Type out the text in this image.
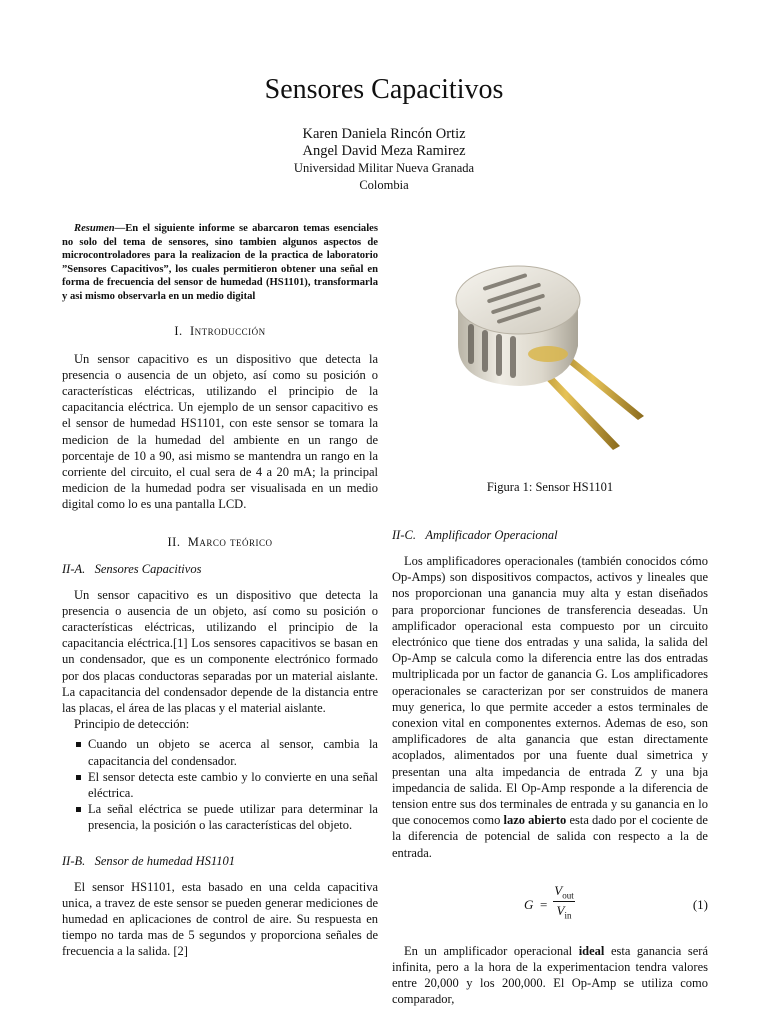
Sensores Capacitivos
Karen Daniela Rincón Ortiz
Angel David Meza Ramirez
Universidad Militar Nueva Granada
Colombia

Resumen—En el siguiente informe se abarcaron temas esenciales no solo del tema de sensores, sino tambien algunos aspectos de microcontroladores para la realizacion de la practica de laboratorio ”Sensores Capacitivos”, los cuales permitieron obtener una señal en forma de frecuencia del sensor de humedad (HS1101), transformarla y asi mismo observarla en un medio digital

I. Introducción

Un sensor capacitivo es un dispositivo que detecta la presencia o ausencia de un objeto, así como su posición o características eléctricas, utilizando el principio de la capacitancia eléctrica. Un ejemplo de un sensor capacitivo es el sensor de humedad HS1101, con este sensor se tomara la medicion de la humedad del ambiente en un rango de porcentaje de 10 a 90, asi mismo se mantendra un rango en la corriente del circuito, el cual sera de 4 a 20 mA; la principal medicion de la humedad podra ser visualisada en un medio digital como lo es una pantalla LCD.

II. Marco teórico
II-A. Sensores Capacitivos

Un sensor capacitivo es un dispositivo que detecta la presencia o ausencia de un objeto, así como su posición o características eléctricas, utilizando el principio de la capacitancia eléctrica.[1] Los sensores capacitivos se basan en un condensador, que es un componente electrónico formado por dos placas conductoras separadas por un material aislante. La capacitancia del condensador depende de la distancia entre las placas, el área de las placas y el material aislante.

Principio de detección:

Cuando un objeto se acerca al sensor, cambia la capacitancia del condensador.
El sensor detecta este cambio y lo convierte en una señal eléctrica.
La señal eléctrica se puede utilizar para determinar la presencia, la posición o las características del objeto.
II-B. Sensor de humedad HS1101

El sensor HS1101, esta basado en una celda capacitiva unica, a travez de este sensor se pueden generar mediciones de humedad en aplicaciones de control de aire. Su respuesta en tiempo no tarda mas de 5 segundos y proporciona señales de frecuencia a la salida. [2]

Figura 1: Sensor HS1101
II-C. Amplificador Operacional

Los amplificadores operacionales (también conocidos cómo Op-Amps) son dispositivos compactos, activos y lineales que nos proporcionan una ganancia muy alta y estan diseñados para proporcionar funciones de transferencia deseadas. Un amplificador operacional esta compuesto por un circuito electrónico que tiene dos entradas y una salida, la salida del Op-Amp se calcula como la diferencia entre las dos entradas multriplicada por un factor de ganancia G. Los amplificadores operacionales se caracterizan por ser construidos de manera muy generica, lo que permite acceder a estos terminales de conexion vital en componentes externos. Ademas de eso, son amplificadores de alta ganancia que estan directamente acoplados, alimentados por una fuente dual simetrica y presentan una alta impedancia de entrada Z y una bja impedancia de salida. El Op-Amp responde a la diferencia de tension entre sus dos terminales de entrada y su ganancia en lo que conocemos como lazo abierto esta dado por el cociente de la diferencia de potencial de salida con respecto a la de entrada.

G =
$V_{out}$
$V_{in}$
(1)

En un amplificador operacional ideal esta ganancia será infinita, pero a la hora de la experimentacion tendra valores entre 20,000 y los 200,000. El Op-Amp se utiliza como comparador,
